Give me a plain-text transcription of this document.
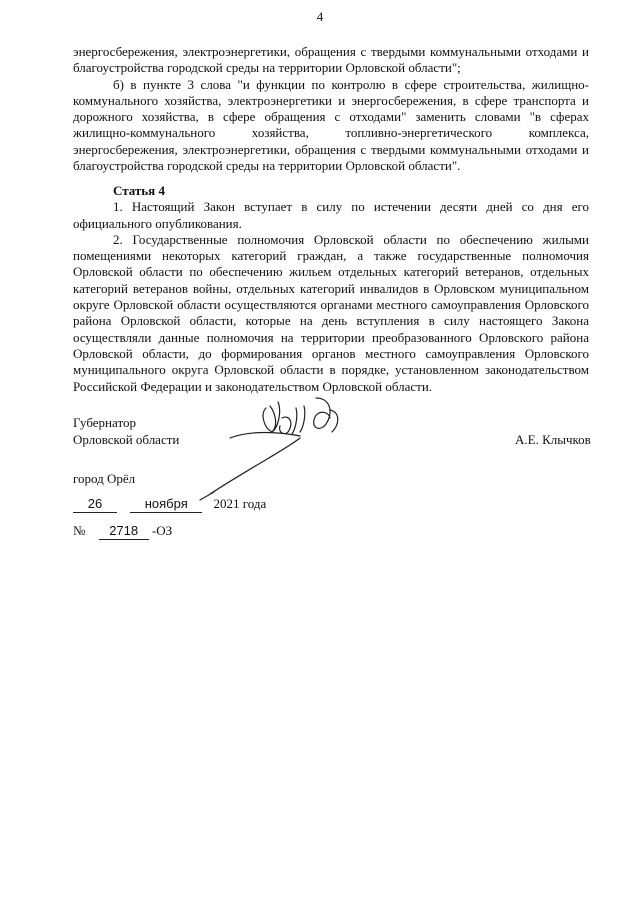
4

энергосбережения, электроэнергетики, обращения с твердыми коммунальными отходами и благоустройства городской среды на территории Орловской области";

б) в пункте 3 слова "и функции по контролю в сфере строительства, жилищно-коммунального хозяйства, электроэнергетики и энергосбережения, в сфере транспорта и дорожного хозяйства, в сфере обращения с отходами" заменить словами "в сферах жилищно-коммунального хозяйства, топливно-энергетического комплекса, энергосбережения, электроэнергетики, обращения с твердыми коммунальными отходами и благоустройства городской среды на территории Орловской области".

Статья 4

1. Настоящий Закон вступает в силу по истечении десяти дней со дня его официального опубликования.

2. Государственные полномочия Орловской области по обеспечению жилыми помещениями некоторых категорий граждан, а также государственные полномочия Орловской области по обеспечению жильем отдельных категорий ветеранов, отдельных категорий ветеранов войны, отдельных категорий инвалидов в Орловском муниципальном округе Орловской области осуществляются органами местного самоуправления Орловского района Орловской области, которые на день вступления в силу настоящего Закона осуществляли данные полномочия на территории преобразованного Орловского района Орловской области, до формирования органов местного самоуправления Орловского муниципального округа Орловской области в порядке, установленном законодательством Российской Федерации и законодательством Орловской области.

Губернатор
Орловской области	А.Е. Клычков
город Орёл
26	ноября 2021 года
№ 2718 -ОЗ
